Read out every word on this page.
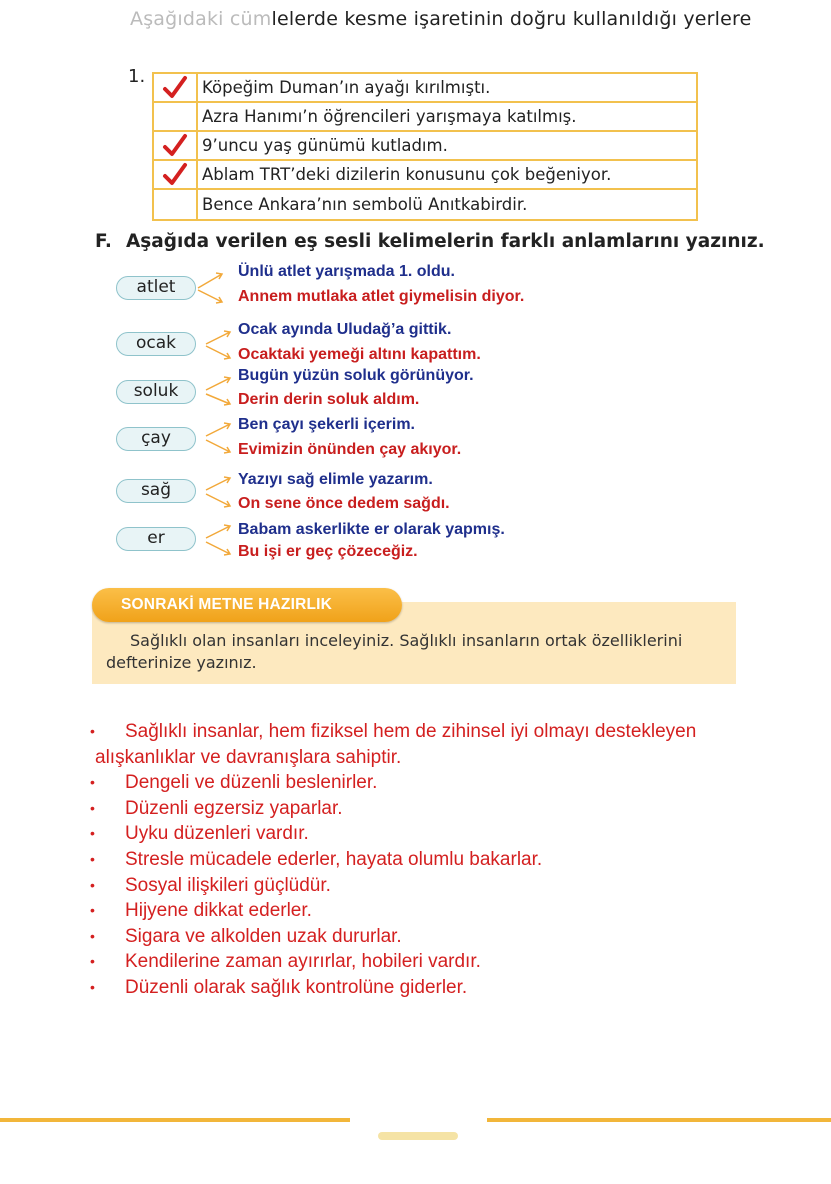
Aşağıdaki cümlelerde kesme işaretinin doğru kullanıldığı yerlere
1.
Köpeğim Duman’ın ayağı kırılmıştı.
Azra Hanımı’n öğrencileri yarışmaya katılmış.
9’uncu yaş günümü kutladım.
Ablam TRT’deki dizilerin konusunu çok beğeniyor.
Bence Ankara’nın sembolü Anıtkabirdir.
F. Aşağıda verilen eş sesli kelimelerin farklı anlamlarını yazınız.
atlet
Ünlü atlet yarışmada 1. oldu.
Annem mutlaka atlet giymelisin diyor.
ocak
Ocak ayında Uludağ’a gittik.
Ocaktaki yemeği altını kapattım.
soluk
Bugün yüzün soluk görünüyor.
Derin derin soluk aldım.
çay
Ben çayı şekerli içerim.
Evimizin önünden çay akıyor.
sağ
Yazıyı sağ elimle yazarım.
On sene önce dedem sağdı.
er	Babam askerlikte er olarak yapmış.
Bu işi er geç çözeceğiz.
SONRAKİ METNE HAZIRLIK
Sağlıklı olan insanları inceleyiniz. Sağlıklı insanların ortak özelliklerini defterinize yazınız.
• Sağlıklı insanlar, hem fiziksel hem de zihinsel iyi olmayı destekleyen
alışkanlıklar ve davranışlara sahiptir.
• Dengeli ve düzenli beslenirler.
• Düzenli egzersiz yaparlar.
• Uyku düzenleri vardır.
• Stresle mücadele ederler, hayata olumlu bakarlar.
• Sosyal ilişkileri güçlüdür.
• Hijyene dikkat ederler.
• Sigara ve alkolden uzak dururlar.
• Kendilerine zaman ayırırlar, hobileri vardır.
• Düzenli olarak sağlık kontrolüne giderler.
